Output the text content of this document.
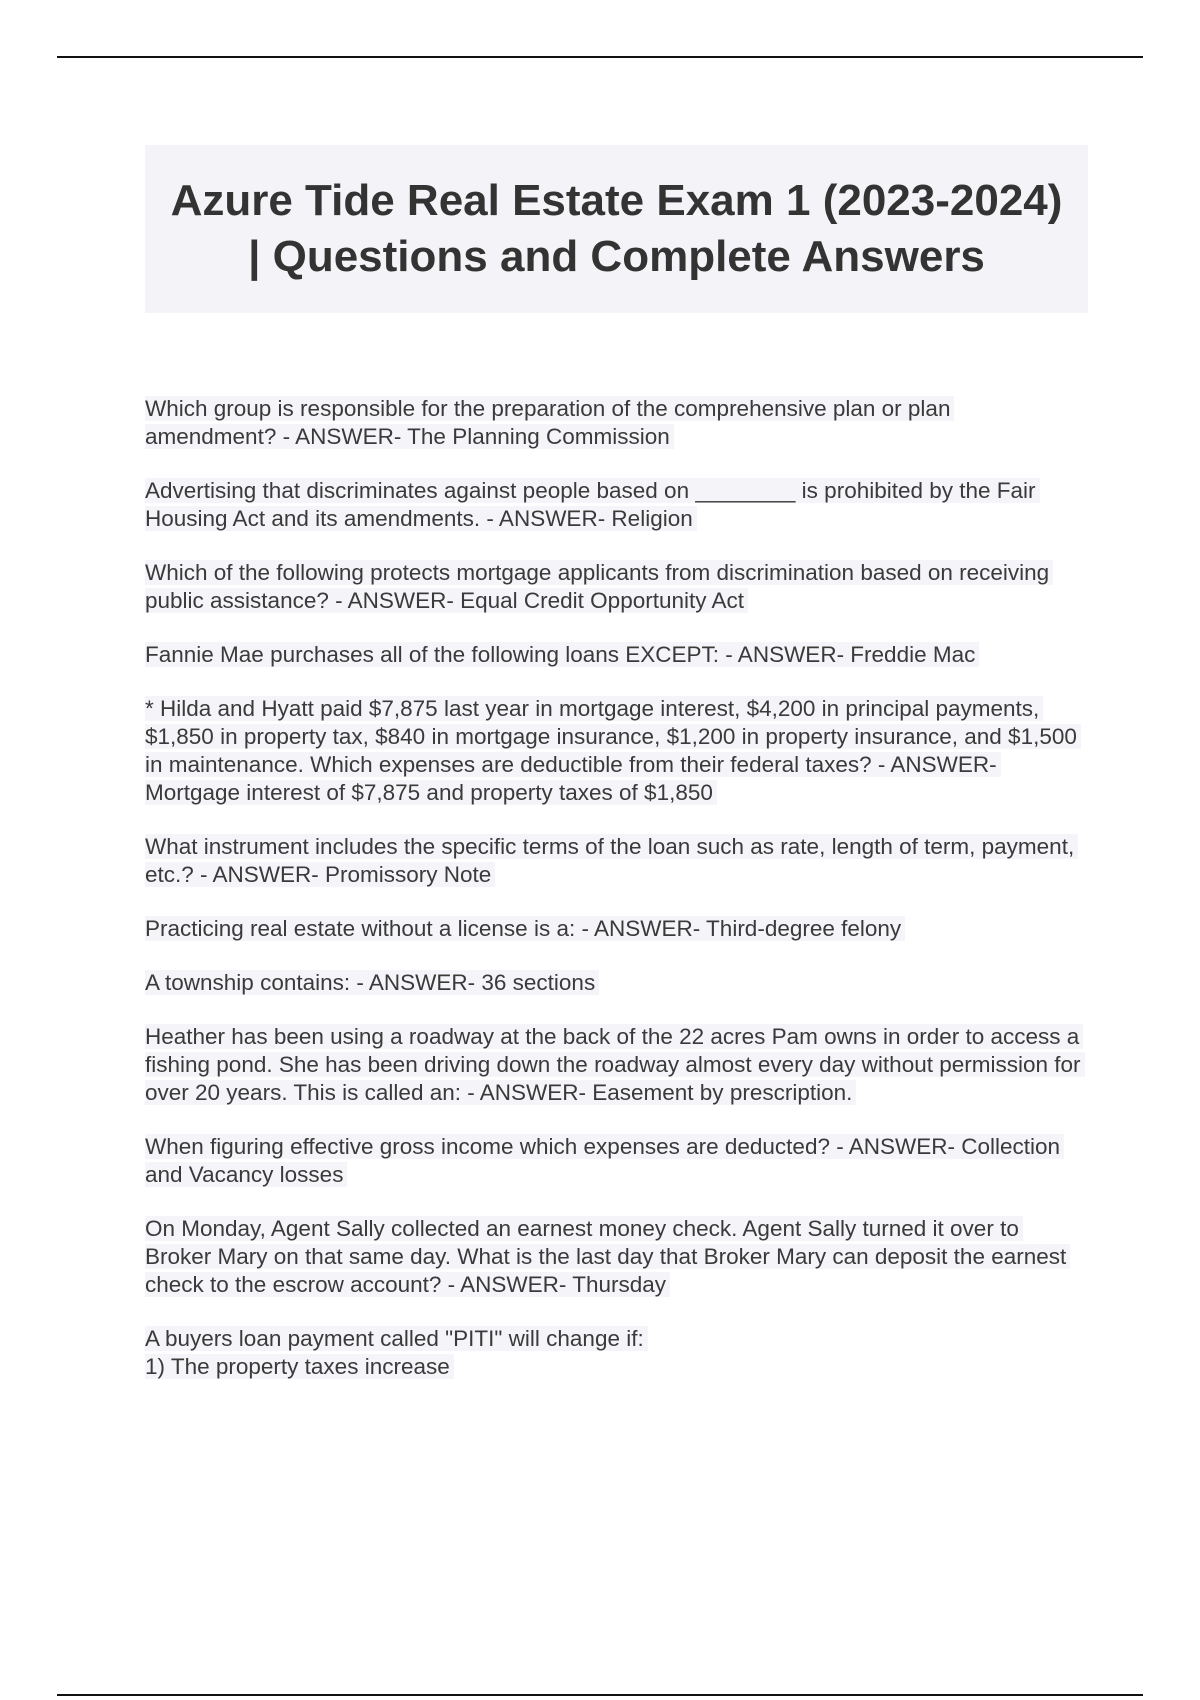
Azure Tide Real Estate Exam 1 (2023-2024) | Questions and Complete Answers

Which group is responsible for the preparation of the comprehensive plan or plan amendment? - ANSWER- The Planning Commission

Advertising that discriminates against people based on ________ is prohibited by the Fair Housing Act and its amendments. - ANSWER- Religion

Which of the following protects mortgage applicants from discrimination based on receiving public assistance? - ANSWER- Equal Credit Opportunity Act

Fannie Mae purchases all of the following loans EXCEPT: - ANSWER- Freddie Mac

* Hilda and Hyatt paid $7,875 last year in mortgage interest, $4,200 in principal payments, $1,850 in property tax, $840 in mortgage insurance, $1,200 in property insurance, and $1,500 in maintenance. Which expenses are deductible from their federal taxes? - ANSWER- Mortgage interest of $7,875 and property taxes of $1,850

What instrument includes the specific terms of the loan such as rate, length of term, payment, etc.? - ANSWER- Promissory Note

Practicing real estate without a license is a: - ANSWER- Third-degree felony

A township contains: - ANSWER- 36 sections

Heather has been using a roadway at the back of the 22 acres Pam owns in order to access a fishing pond. She has been driving down the roadway almost every day without permission for over 20 years. This is called an: - ANSWER- Easement by prescription.

When figuring effective gross income which expenses are deducted? - ANSWER- Collection and Vacancy losses

On Monday, Agent Sally collected an earnest money check. Agent Sally turned it over to Broker Mary on that same day. What is the last day that Broker Mary can deposit the earnest check to the escrow account? - ANSWER- Thursday

A buyers loan payment called "PITI" will change if:
1) The property taxes increase
